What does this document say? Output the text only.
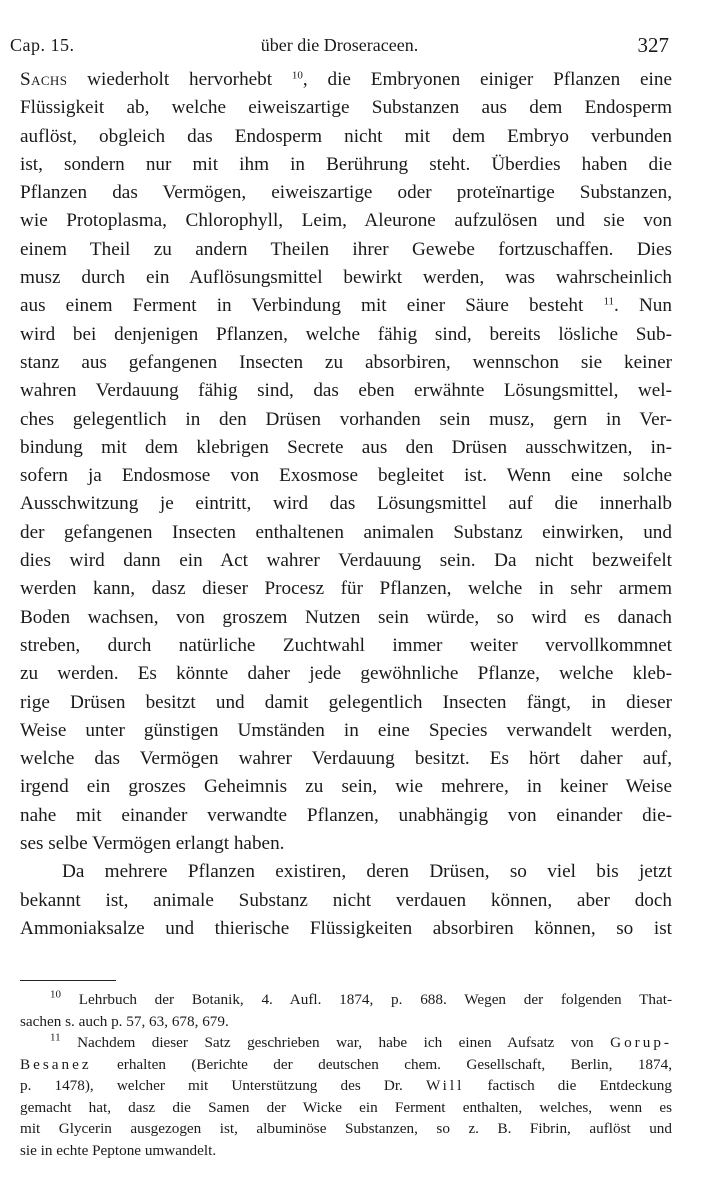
Cap. 15.	über die Droseraceen.	327
Sachs wiederholt hervorhebt $^{10}$, die Embryonen einiger Pflanzen eine
Flüssigkeit ab, welche eiweiszartige Substanzen aus dem Endosperm
auflöst, obgleich das Endosperm nicht mit dem Embryo verbunden
ist, sondern nur mit ihm in Berührung steht. Überdies haben die
Pflanzen das Vermögen, eiweiszartige oder proteïnartige Substanzen,
wie Protoplasma, Chlorophyll, Leim, Aleurone aufzulösen und sie von
einem Theil zu andern Theilen ihrer Gewebe fortzuschaffen. Dies
musz durch ein Auflösungsmittel bewirkt werden, was wahrscheinlich
aus einem Ferment in Verbindung mit einer Säure besteht $^{11}$. Nun
wird bei denjenigen Pflanzen, welche fähig sind, bereits lösliche Sub-
stanz aus gefangenen Insecten zu absorbiren, wennschon sie keiner
wahren Verdauung fähig sind, das eben erwähnte Lösungsmittel, wel-
ches gelegentlich in den Drüsen vorhanden sein musz, gern in Ver-
bindung mit dem klebrigen Secrete aus den Drüsen ausschwitzen, in-
sofern ja Endosmose von Exosmose begleitet ist. Wenn eine solche
Ausschwitzung je eintritt, wird das Lösungsmittel auf die innerhalb
der gefangenen Insecten enthaltenen animalen Substanz einwirken, und
dies wird dann ein Act wahrer Verdauung sein. Da nicht bezweifelt
werden kann, dasz dieser Procesz für Pflanzen, welche in sehr armem
Boden wachsen, von groszem Nutzen sein würde, so wird es danach
streben, durch natürliche Zuchtwahl immer weiter vervollkommnet
zu werden. Es könnte daher jede gewöhnliche Pflanze, welche kleb-
rige Drüsen besitzt und damit gelegentlich Insecten fängt, in dieser
Weise unter günstigen Umständen in eine Species verwandelt werden,
welche das Vermögen wahrer Verdauung besitzt. Es hört daher auf,
irgend ein groszes Geheimnis zu sein, wie mehrere, in keiner Weise
nahe mit einander verwandte Pflanzen, unabhängig von einander die-
ses selbe Vermögen erlangt haben.
Da mehrere Pflanzen existiren, deren Drüsen, so viel bis jetzt
bekannt ist, animale Substanz nicht verdauen können, aber doch
Ammoniaksalze und thierische Flüssigkeiten absorbiren können, so ist
$^{10}$ Lehrbuch der Botanik, 4. Aufl. 1874, p. 688. Wegen der folgenden That-
sachen s. auch p. 57, 63, 678, 679.
$^{11}$ Nachdem dieser Satz geschrieben war, habe ich einen Aufsatz von Gorup-
Besanez erhalten (Berichte der deutschen chem. Gesellschaft, Berlin, 1874,
p. 1478), welcher mit Unterstützung des Dr. Will factisch die Entdeckung
gemacht hat, dasz die Samen der Wicke ein Ferment enthalten, welches, wenn es
mit Glycerin ausgezogen ist, albuminöse Substanzen, so z. B. Fibrin, auflöst und
sie in echte Peptone umwandelt.
